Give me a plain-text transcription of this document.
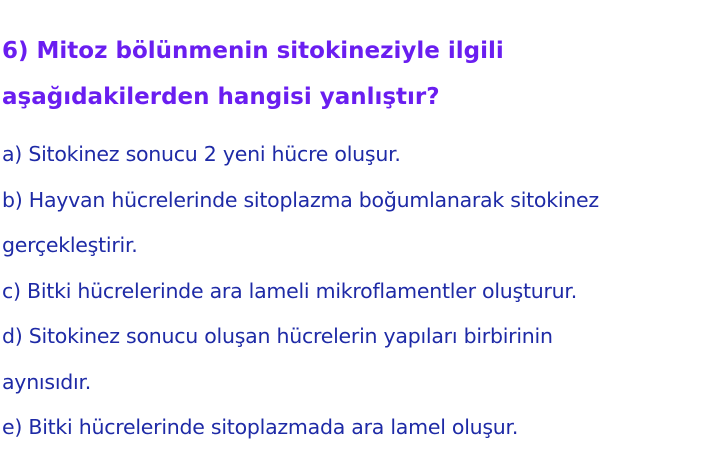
6) Mitoz bölünmenin sitokineziyle ilgili
aşağıdakilerden hangisi yanlıştır?
a) Sitokinez sonucu 2 yeni hücre oluşur.
b) Hayvan hücrelerinde sitoplazma boğumlanarak sitokinez
gerçekleştirir.
c) Bitki hücrelerinde ara lameli mikroflamentler oluşturur.
d) Sitokinez sonucu oluşan hücrelerin yapıları birbirinin
aynısıdır.
e) Bitki hücrelerinde sitoplazmada ara lamel oluşur.
